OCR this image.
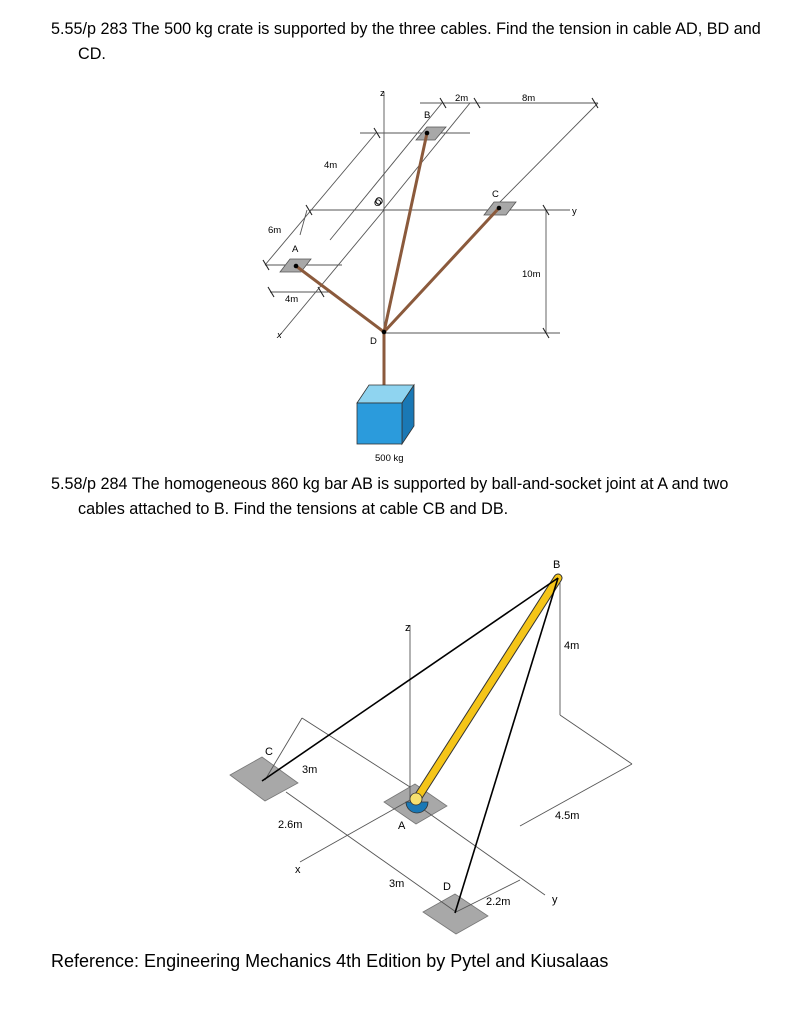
5.55/p 283 The 500 kg crate is supported by the three cables. Find the tension in cable AD, BD and
CD.

z
y
x
O
A
B
C
D
2m	8m
4m
6m
4m
10m
500 kg

5.58/p 284 The homogeneous 860 kg bar AB is supported by ball-and-socket joint at A and two
cables attached to B. Find the tensions at cable CB and DB.

B
C
A
D
z
x
y
4m
3m
2.6m
4.5m
3m
2.2m

Reference: Engineering Mechanics 4th Edition by Pytel and Kiusalaas
